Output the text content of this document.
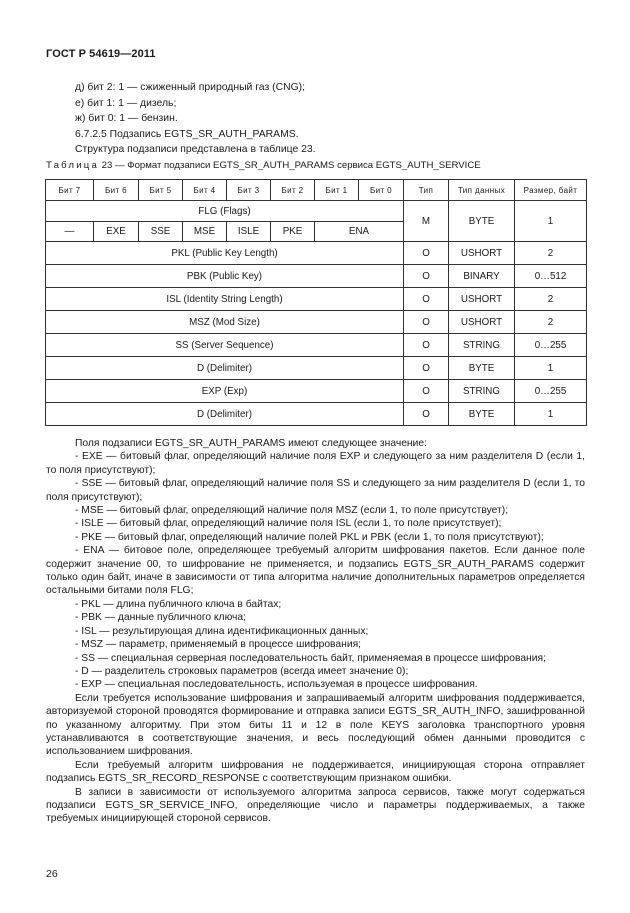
ГОСТ Р 54619—2011
д) бит 2: 1 — сжиженный природный газ (CNG);
е) бит 1: 1 — дизель;
ж) бит 0: 1 — бензин.
6.7.2.5 Подзапись EGTS_SR_AUTH_PARAMS.
Структура подзаписи представлена в таблице 23.
Таблица 23 — Формат подзаписи EGTS_SR_AUTH_PARAMS сервиса EGTS_AUTH_SERVICE
Бит 7	Бит 6	Бит 5	Бит 4	Бит 3	Бит 2	Бит 1	Бит 0	Тип	Тип данных	Размер, байт
FLG (Flags)								M	BYTE	1
—	EXE	SSE	MSE	ISLE	PKE	ENA				
PKL (Public Key Length)								O	USHORT	2
PBK (Public Key)								O	BINARY	0…512
ISL (Identity String Length)								O	USHORT	2
MSZ (Mod Size)								O	USHORT	2
SS (Server Sequence)								O	STRING	0…255
D (Delimiter)								O	BYTE	1
EXP (Exp)								O	STRING	0…255
D (Delimiter)								O	BYTE	1

Поля подзаписи EGTS_SR_AUTH_PARAMS имеют следующее значение:

- EXE — битовый флаг, определяющий наличие поля EXP и следующего за ним разделителя D (если 1, то поля присутствуют);

- SSE — битовый флаг, определяющий наличие поля SS и следующего за ним разделителя D (если 1, то поля присутствуют);

- MSE — битовый флаг, определяющий наличие поля MSZ (если 1, то поле присутствует);

- ISLE — битовый флаг, определяющий наличие поля ISL (если 1, то поле присутствует);

- PKE — битовый флаг, определяющий наличие полей PKL и PBK (если 1, то поля присутствуют);

- ENA — битовое поле, определяющее требуемый алгоритм шифрования пакетов. Если данное поле содержит значение 00, то шифрование не применяется, и подзапись EGTS_SR_AUTH_PARAMS содержит только один байт, иначе в зависимости от типа алгоритма наличие дополнительных параметров определяется остальными битами поля FLG;

- PKL — длина публичного ключа в байтах;

- PBK — данные публичного ключа;

- ISL — результирующая длина идентификационных данных;

- MSZ — параметр, применяемый в процессе шифрования;

- SS — специальная серверная последовательность байт, применяемая в процессе шифрования;

- D — разделитель строковых параметров (всегда имеет значение 0);

- EXP — специальная последовательность, используемая в процессе шифрования.

Если требуется использование шифрования и запрашиваемый алгоритм шифрования поддерживается, авторизуемой стороной проводятся формирование и отправка записи EGTS_SR_AUTH_INFO, зашифрованной по указанному алгоритму. При этом биты 11 и 12 в поле KEYS заголовка транспортного уровня устанавливаются в соответствующие значения, и весь последующий обмен данными проводится с использованием шифрования.

Если требуемый алгоритм шифрования не поддерживается, инициирующая сторона отправляет подзапись EGTS_SR_RECORD_RESPONSE с соответствующим признаком ошибки.

В записи в зависимости от используемого алгоритма запроса сервисов, также могут содержаться подзаписи EGTS_SR_SERVICE_INFO, определяющие число и параметры поддерживаемых, а также требуемых инициирующей стороной сервисов.

26
